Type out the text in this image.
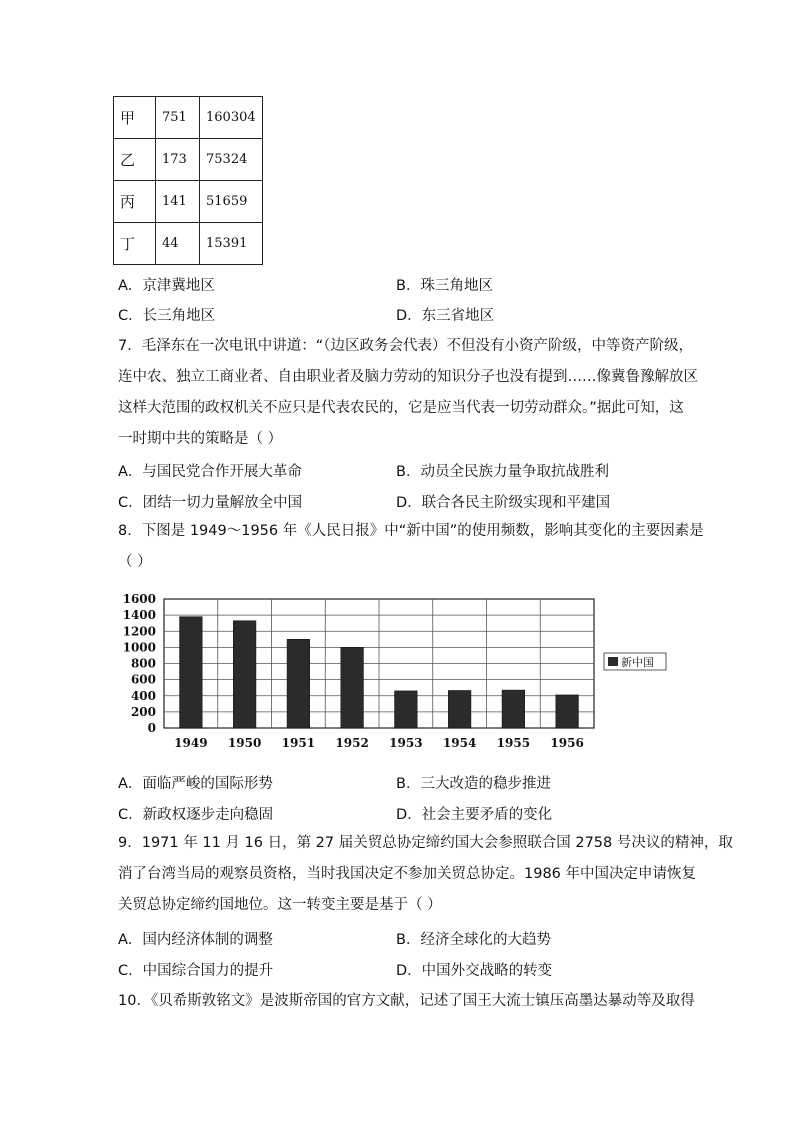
甲	751	160304
乙	173	75324
丙	141	51659
丁	44	15391
A．京津冀地区	B．珠三角地区
C．长三角地区	D．东三省地区
7．毛泽东在一次电讯中讲道：“（边区政务会代表）不但没有小资产阶级，中等资产阶级，
连中农、独立工商业者、自由职业者及脑力劳动的知识分子也没有提到……像冀鲁豫解放区
这样大范围的政权机关不应只是代表农民的，它是应当代表一切劳动群众。”据此可知，这
一时期中共的策略是（ ）
A．与国民党合作开展大革命	B．动员全民族力量争取抗战胜利
C．团结一切力量解放全中国	D．联合各民主阶级实现和平建国
8．下图是 1949～1956 年《人民日报》中“新中国”的使用频数，影响其变化的主要因素是
（ ）
1600
1400
1200
1000
800
600
400
200
0
1949 1950 1951 1952 1953 1954 1955 1956
新中国
A．面临严峻的国际形势	B．三大改造的稳步推进
C．新政权逐步走向稳固	D．社会主要矛盾的变化
9．1971 年 11 月 16 日，第 27 届关贸总协定缔约国大会参照联合国 2758 号决议的精神，取
消了台湾当局的观察员资格，当时我国决定不参加关贸总协定。1986 年中国决定申请恢复
关贸总协定缔约国地位。这一转变主要是基于（ ）
A．国内经济体制的调整	B．经济全球化的大趋势
C．中国综合国力的提升	D．中国外交战略的转变
10．《贝希斯敦铭文》是波斯帝国的官方文献，记述了国王大流士镇压高墨达暴动等及取得
